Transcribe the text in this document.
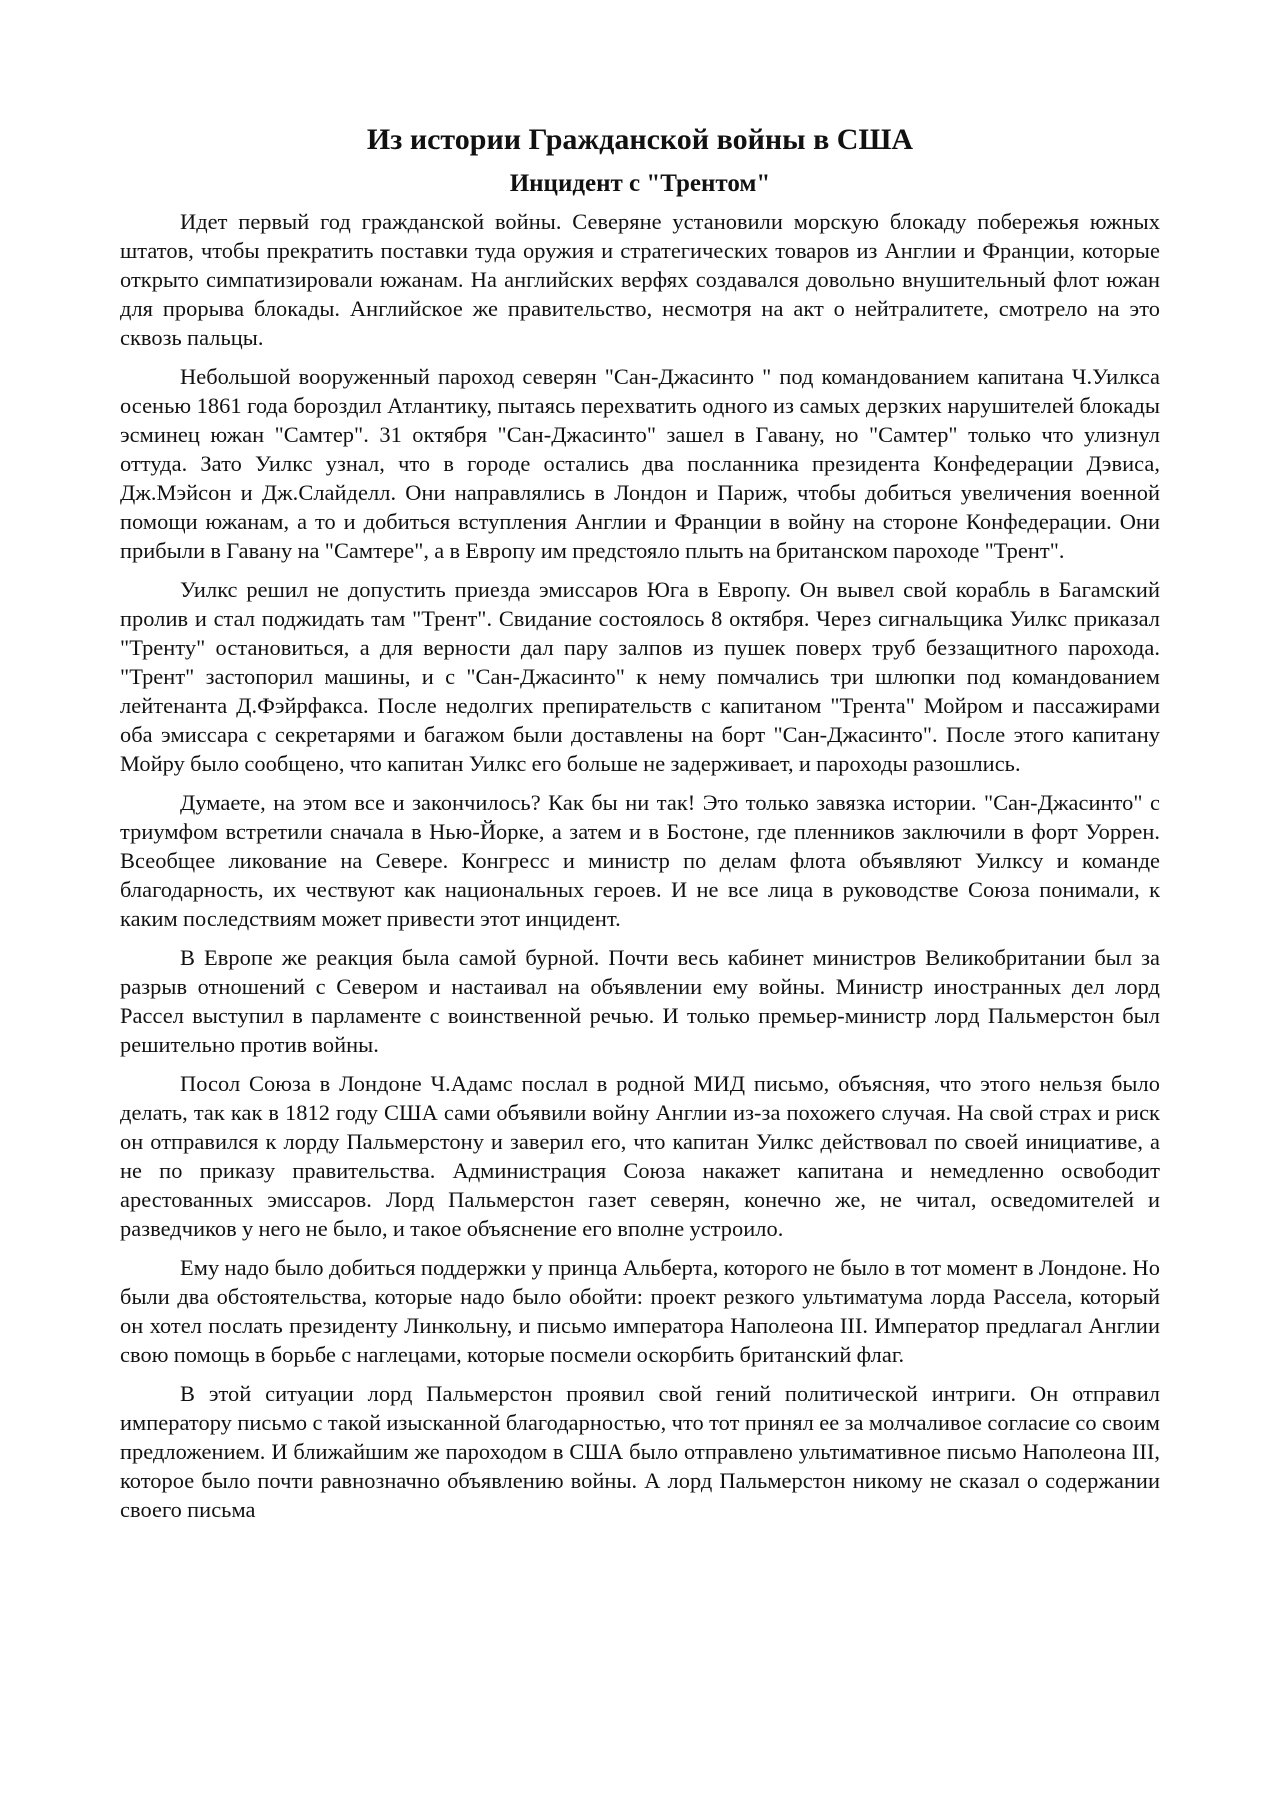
Из истории Гражданской войны в США
Инцидент с "Трентом"

Идет первый год гражданской войны. Северяне установили морскую блокаду побережья южных штатов, чтобы прекратить поставки туда оружия и стратегических товаров из Англии и Франции, которые открыто симпатизировали южанам. На английских верфях создавался довольно внушительный флот южан для прорыва блокады. Английское же правительство, несмотря на акт о нейтралитете, смотрело на это сквозь пальцы.

Небольшой вооруженный пароход северян "Сан-Джасинто " под командованием капитана Ч.Уилкса осенью 1861 года бороздил Атлантику, пытаясь перехватить одного из самых дерзких нарушителей блокады эсминец южан "Самтер". 31 октября "Сан-Джасинто" зашел в Гавану, но "Самтер" только что улизнул оттуда. Зато Уилкс узнал, что в городе остались два посланника президента Конфедерации Дэвиса, Дж.Мэйсон и Дж.Слайделл. Они направлялись в Лондон и Париж, чтобы добиться увеличения военной помощи южанам, а то и добиться вступления Англии и Франции в войну на стороне Конфедерации. Они прибыли в Гавану на "Самтере", а в Европу им предстояло плыть на британском пароходе "Трент".

Уилкс решил не допустить приезда эмиссаров Юга в Европу. Он вывел свой корабль в Багамский пролив и стал поджидать там "Трент". Свидание состоялось 8 октября. Через сигнальщика Уилкс приказал "Тренту" остановиться, а для верности дал пару залпов из пушек поверх труб беззащитного парохода. "Трент" застопорил машины, и с "Сан-Джасинто" к нему помчались три шлюпки под командованием лейтенанта Д.Фэйрфакса. После недолгих препирательств с капитаном "Трента" Мойром и пассажирами оба эмиссара с секретарями и багажом были доставлены на борт "Сан-Джасинто". После этого капитану Мойру было сообщено, что капитан Уилкс его больше не задерживает, и пароходы разошлись.

Думаете, на этом все и закончилось? Как бы ни так! Это только завязка истории. "Сан-Джасинто" с триумфом встретили сначала в Нью-Йорке, а затем и в Бостоне, где пленников заключили в форт Уоррен. Всеобщее ликование на Севере. Конгресс и министр по делам флота объявляют Уилксу и команде благодарность, их чествуют как национальных героев. И не все лица в руководстве Союза понимали, к каким последствиям может привести этот инцидент.

В Европе же реакция была самой бурной. Почти весь кабинет министров Великобритании был за разрыв отношений с Севером и настаивал на объявлении ему войны. Министр иностранных дел лорд Рассел выступил в парламенте с воинственной речью. И только премьер-министр лорд Пальмерстон был решительно против войны.

Посол Союза в Лондоне Ч.Адамс послал в родной МИД письмо, объясняя, что этого нельзя было делать, так как в 1812 году США сами объявили войну Англии из-за похожего случая. На свой страх и риск он отправился к лорду Пальмерстону и заверил его, что капитан Уилкс действовал по своей инициативе, а не по приказу правительства. Администрация Союза накажет капитана и немедленно освободит арестованных эмиссаров. Лорд Пальмерстон газет северян, конечно же, не читал, осведомителей и разведчиков у него не было, и такое объяснение его вполне устроило.

Ему надо было добиться поддержки у принца Альберта, которого не было в тот момент в Лондоне. Но были два обстоятельства, которые надо было обойти: проект резкого ультиматума лорда Рассела, который он хотел послать президенту Линкольну, и письмо императора Наполеона III. Император предлагал Англии свою помощь в борьбе с наглецами, которые посмели оскорбить британский флаг.

В этой ситуации лорд Пальмерстон проявил свой гений политической интриги. Он отправил императору письмо с такой изысканной благодарностью, что тот принял ее за молчаливое согласие со своим предложением. И ближайшим же пароходом в США было отправлено ультимативное письмо Наполеона III, которое было почти равнозначно объявлению войны. А лорд Пальмерстон никому не сказал о содержании своего письма
